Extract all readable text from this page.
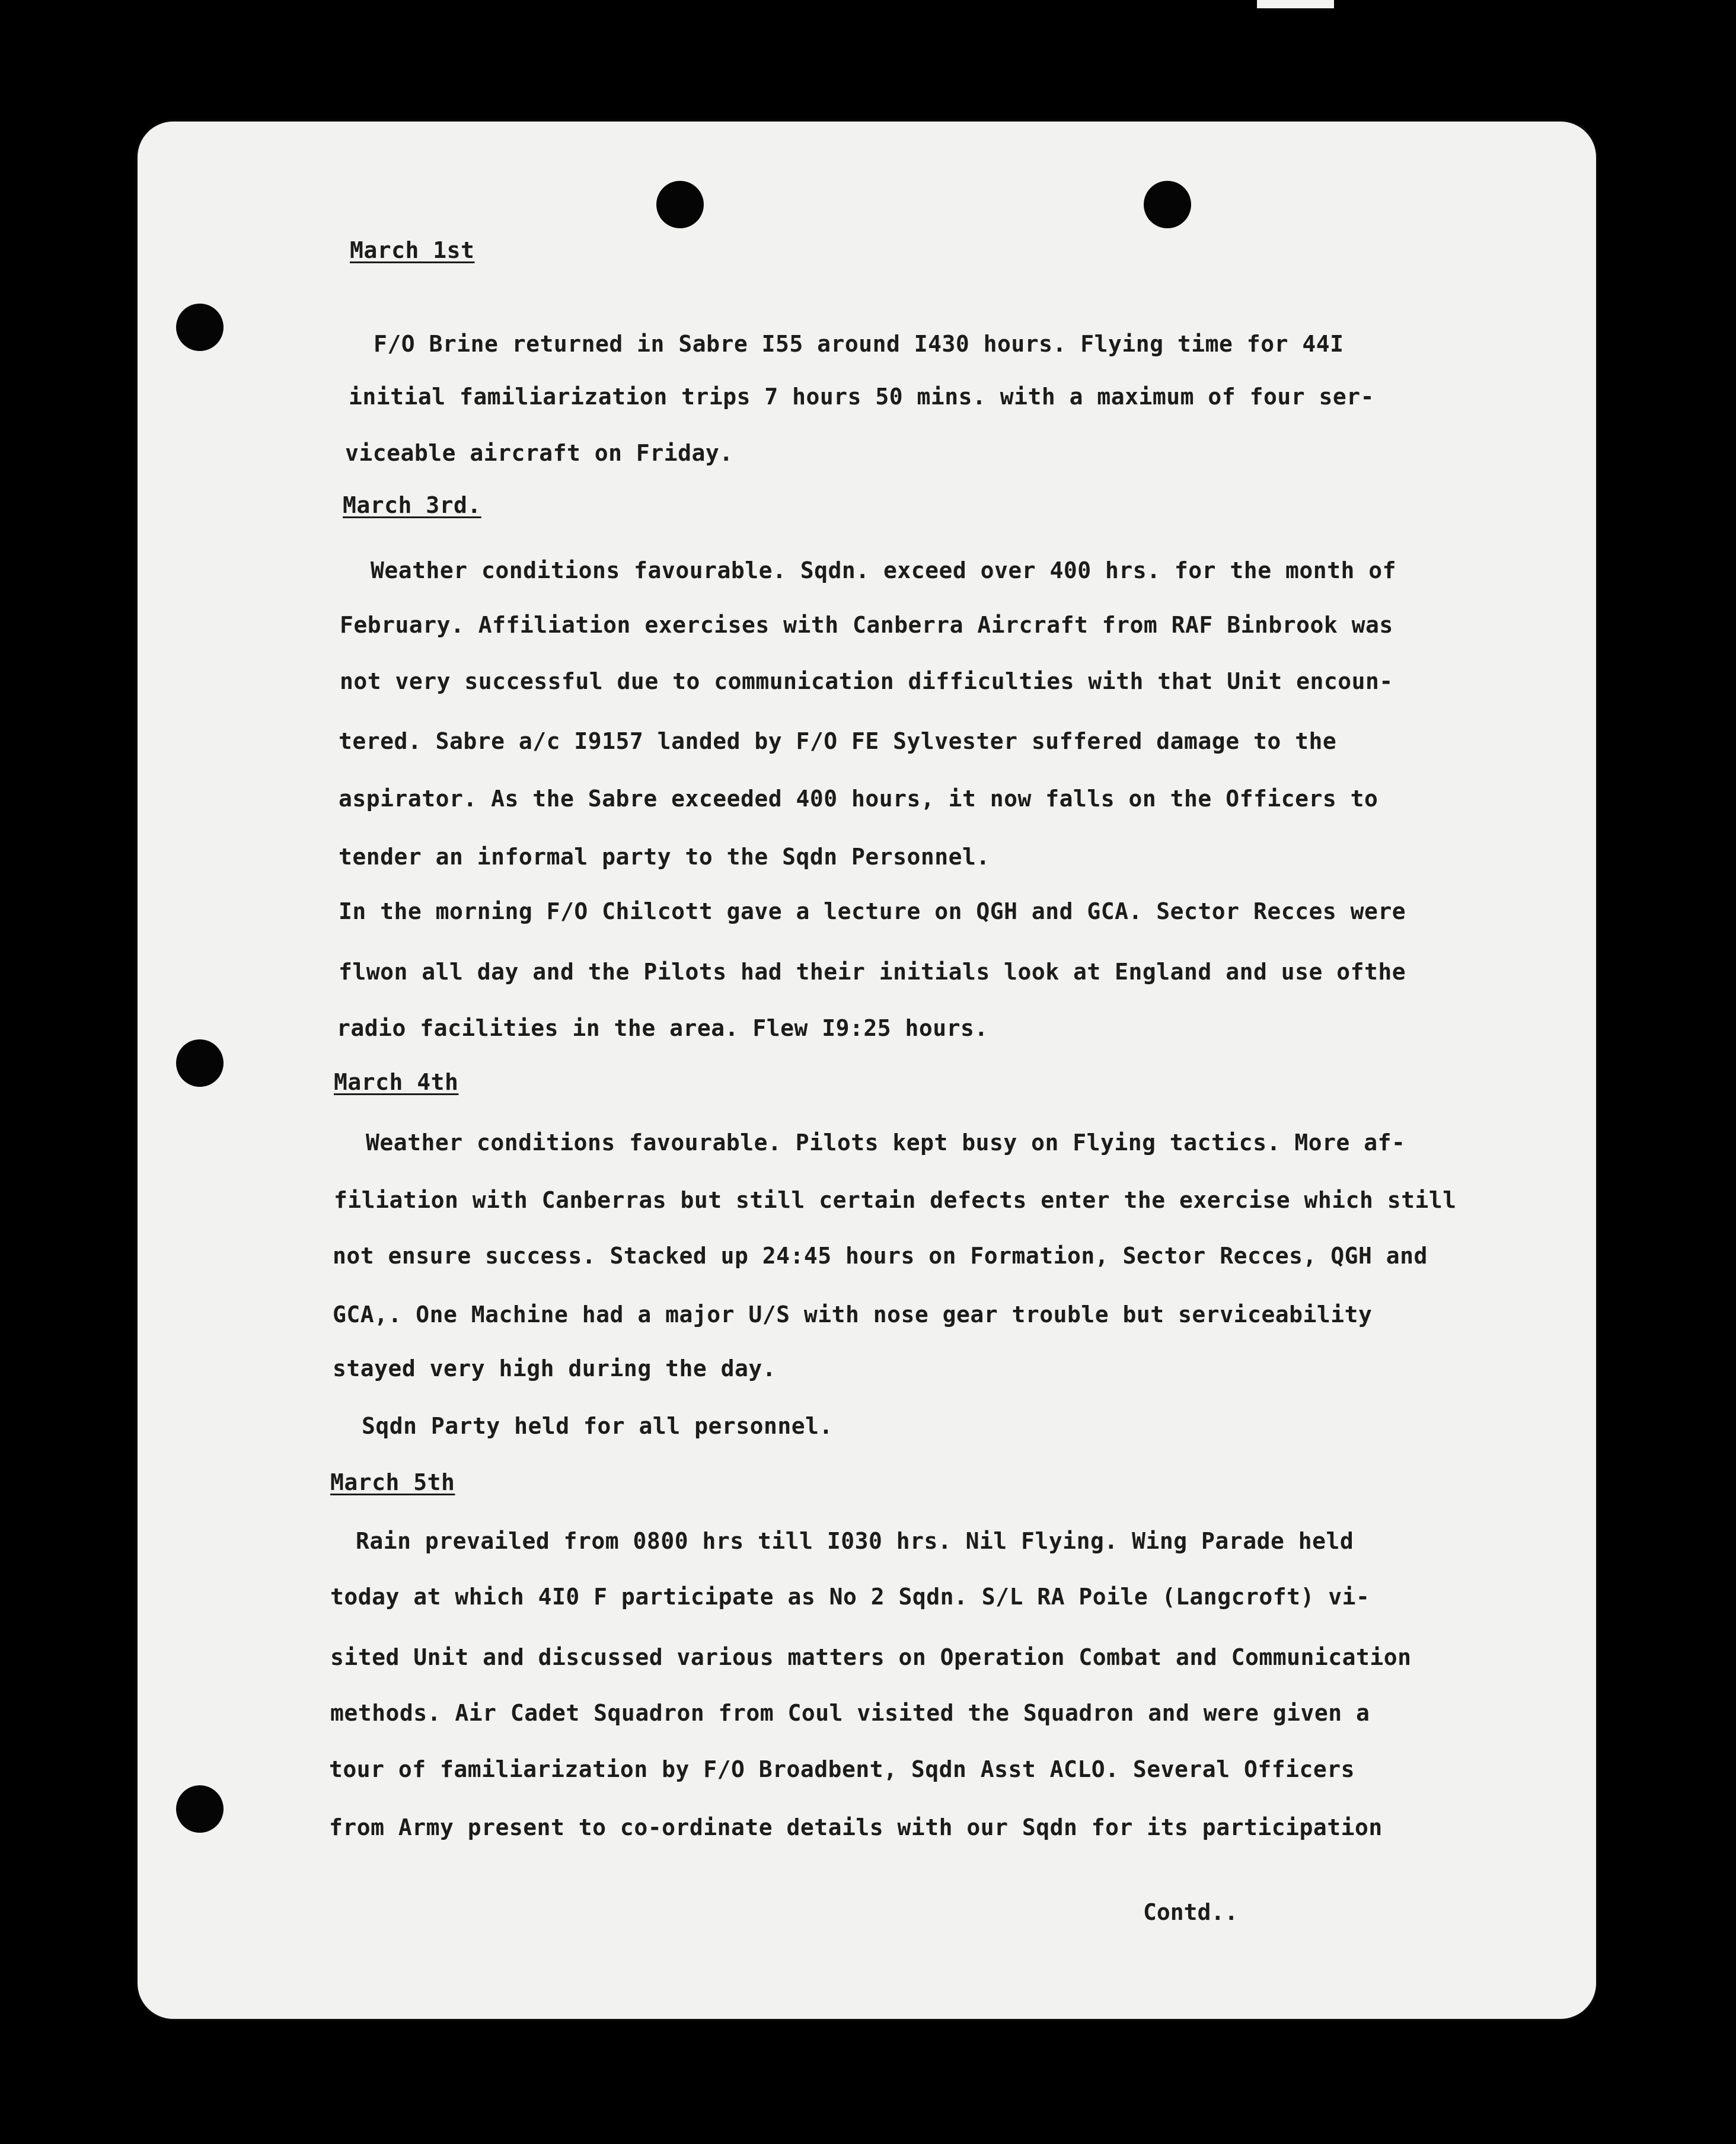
March 1st
F/O Brine returned in Sabre I55 around I430 hours. Flying time for 44I
initial familiarization trips 7 hours 50 mins. with a maximum of four ser-
viceable aircraft on Friday.
March 3rd.
Weather conditions favourable. Sqdn. exceed over 400 hrs. for the month of
February. Affiliation exercises with Canberra Aircraft from RAF Binbrook was
not very successful due to communication difficulties with that Unit encoun-
tered. Sabre a/c I9157 landed by F/O FE Sylvester suffered damage to the
aspirator. As the Sabre exceeded 400 hours, it now falls on the Officers to
tender an informal party to the Sqdn Personnel.
In the morning F/O Chilcott gave a lecture on QGH and GCA. Sector Recces were
flwon all day and the Pilots had their initials look at England and use ofthe
radio facilities in the area. Flew I9:25 hours.
March 4th
Weather conditions favourable. Pilots kept busy on Flying tactics. More af-
filiation with Canberras but still certain defects enter the exercise which still
not ensure success. Stacked up 24:45 hours on Formation, Sector Recces, QGH and
GCA,. One Machine had a major U/S with nose gear trouble but serviceability
stayed very high during the day.
Sqdn Party held for all personnel.
March 5th
Rain prevailed from 0800 hrs till I030 hrs. Nil Flying. Wing Parade held
today at which 4I0 F participate as No 2 Sqdn. S/L RA Poile (Langcroft) vi-
sited Unit and discussed various matters on Operation Combat and Communication
methods. Air Cadet Squadron from Coul visited the Squadron and were given a
tour of familiarization by F/O Broadbent, Sqdn Asst ACLO. Several Officers
from Army present to co-ordinate details with our Sqdn for its participation
Contd..
